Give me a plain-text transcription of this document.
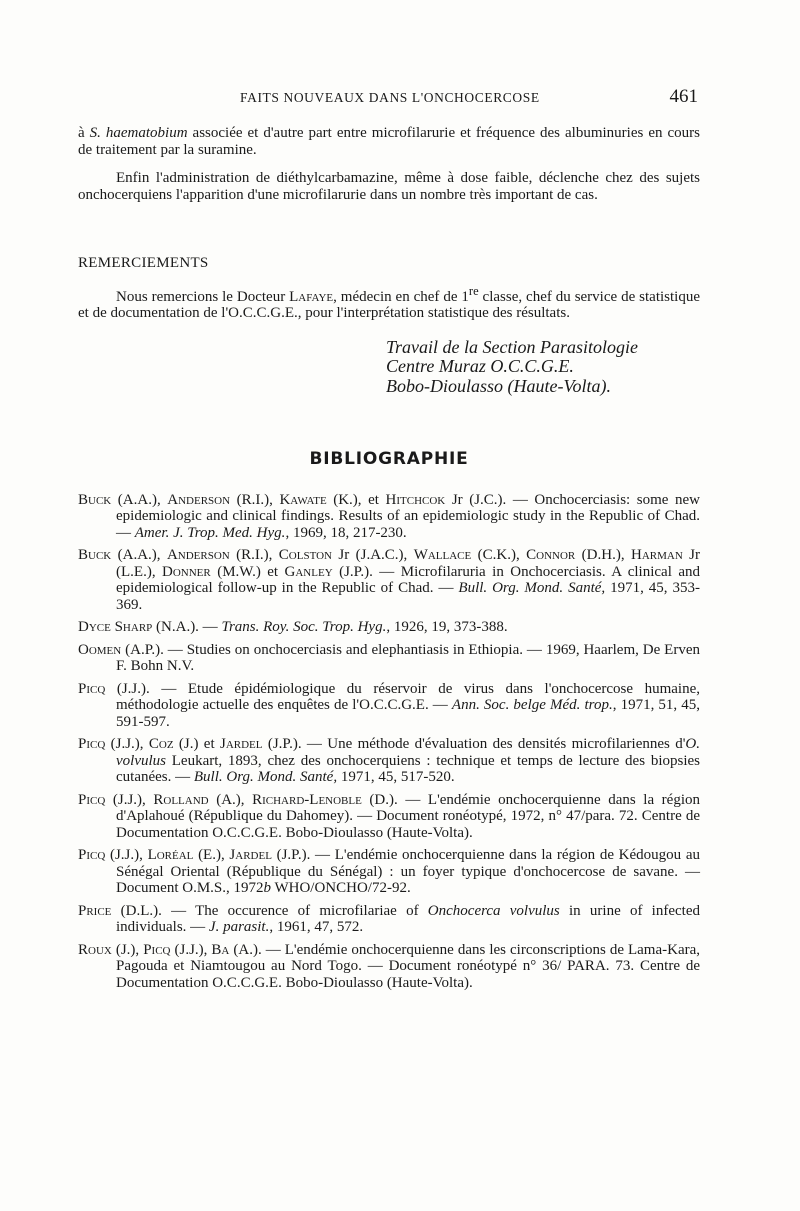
FAITS NOUVEAUX DANS L'ONCHOCERCOSE	461

à S. haematobium associée et d'autre part entre microfilarurie et fréquence des albuminuries en cours de traitement par la suramine.

Enfin l'administration de diéthylcarbamazine, même à dose faible, déclenche chez des sujets onchocerquiens l'apparition d'une microfilarurie dans un nombre très important de cas.

REMERCIEMENTS

Nous remercions le Docteur Lafaye, médecin en chef de 1re classe, chef du service de statistique et de documentation de l'O.C.C.G.E., pour l'interprétation statistique des résultats.

Travail de la Section Parasitologie
Centre Muraz O.C.C.G.E.
Bobo-Dioulasso (Haute-Volta).
BIBLIOGRAPHIE

Buck (A.A.), Anderson (R.I.), Kawate (K.), et Hitchcok Jr (J.C.). — Onchocerciasis: some new epidemiologic and clinical findings. Results of an epidemiologic study in the Republic of Chad. — Amer. J. Trop. Med. Hyg., 1969, 18, 217-230.

Buck (A.A.), Anderson (R.I.), Colston Jr (J.A.C.), Wallace (C.K.), Connor (D.H.), Harman Jr (L.E.), Donner (M.W.) et Ganley (J.P.). — Microfilaruria in Onchocerciasis. A clinical and epidemiological follow-up in the Republic of Chad. — Bull. Org. Mond. Santé, 1971, 45, 353-369.

Dyce Sharp (N.A.). — Trans. Roy. Soc. Trop. Hyg., 1926, 19, 373-388.

Oomen (A.P.). — Studies on onchocerciasis and elephantiasis in Ethiopia. — 1969, Haarlem, De Erven F. Bohn N.V.

Picq (J.J.). — Etude épidémiologique du réservoir de virus dans l'onchocercose humaine, méthodologie actuelle des enquêtes de l'O.C.C.G.E. — Ann. Soc. belge Méd. trop., 1971, 51, 45, 591-597.

Picq (J.J.), Coz (J.) et Jardel (J.P.). — Une méthode d'évaluation des densités microfilariennes d'O. volvulus Leukart, 1893, chez des onchocerquiens : technique et temps de lecture des biopsies cutanées. — Bull. Org. Mond. Santé, 1971, 45, 517-520.

Picq (J.J.), Rolland (A.), Richard-Lenoble (D.). — L'endémie onchocerquienne dans la région d'Aplahoué (République du Dahomey). — Document ronéotypé, 1972, n° 47/para. 72. Centre de Documentation O.C.C.G.E. Bobo-Dioulasso (Haute-Volta).

Picq (J.J.), Loréal (E.), Jardel (J.P.). — L'endémie onchocerquienne dans la région de Kédougou au Sénégal Oriental (République du Sénégal) : un foyer typique d'onchocercose de savane. — Document O.M.S., 1972b WHO/ONCHO/72-92.

Price (D.L.). — The occurence of microfilariae of Onchocerca volvulus in urine of infected individuals. — J. parasit., 1961, 47, 572.

Roux (J.), Picq (J.J.), Ba (A.). — L'endémie onchocerquienne dans les circonscriptions de Lama-Kara, Pagouda et Niamtougou au Nord Togo. — Document ronéotypé n° 36/ PARA. 73. Centre de Documentation O.C.C.G.E. Bobo-Dioulasso (Haute-Volta).
